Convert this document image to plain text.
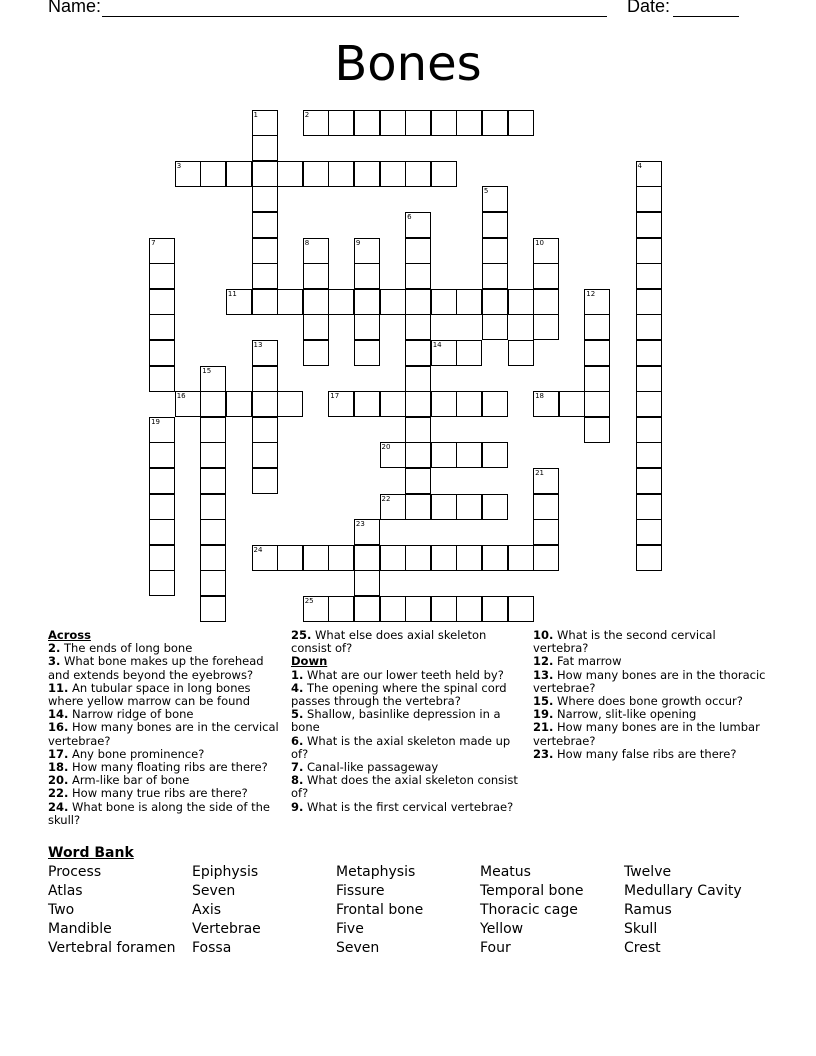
Name:	Date:
Bones
1	2
3	4
5
6
7	8	9	10
11	12
13	14
15
16	17	18
19
20
21
22
23
24
25
Across
2. The ends of long bone
3. What bone makes up the forehead and extends beyond the eyebrows?
11. An tubular space in long bones where yellow marrow can be found
14. Narrow ridge of bone
16. How many bones are in the cervical vertebrae?
17. Any bone prominence?
18. How many floating ribs are there?
20. Arm-like bar of bone
22. How many true ribs are there?
24. What bone is along the side of the skull?
25. What else does axial skeleton consist of?
Down
1. What are our lower teeth held by?
4. The opening where the spinal cord passes through the vertebra?
5. Shallow, basinlike depression in a bone
6. What is the axial skeleton made up of?
7. Canal-like passageway
8. What does the axial skeleton consist of?
9. What is the first cervical vertebrae?
10. What is the second cervical vertebra?
12. Fat marrow
13. How many bones are in the thoracic vertebrae?
15. Where does bone growth occur?
19. Narrow, slit-like opening
21. How many bones are in the lumbar vertebrae?
23. How many false ribs are there?
Word Bank
Process
Atlas
Two
Mandible
Vertebral foramen
Epiphysis
Seven
Axis
Vertebrae
Fossa
Metaphysis
Fissure
Frontal bone
Five
Seven
Meatus
Temporal bone
Thoracic cage
Yellow
Four
Twelve
Medullary Cavity
Ramus
Skull
Crest
